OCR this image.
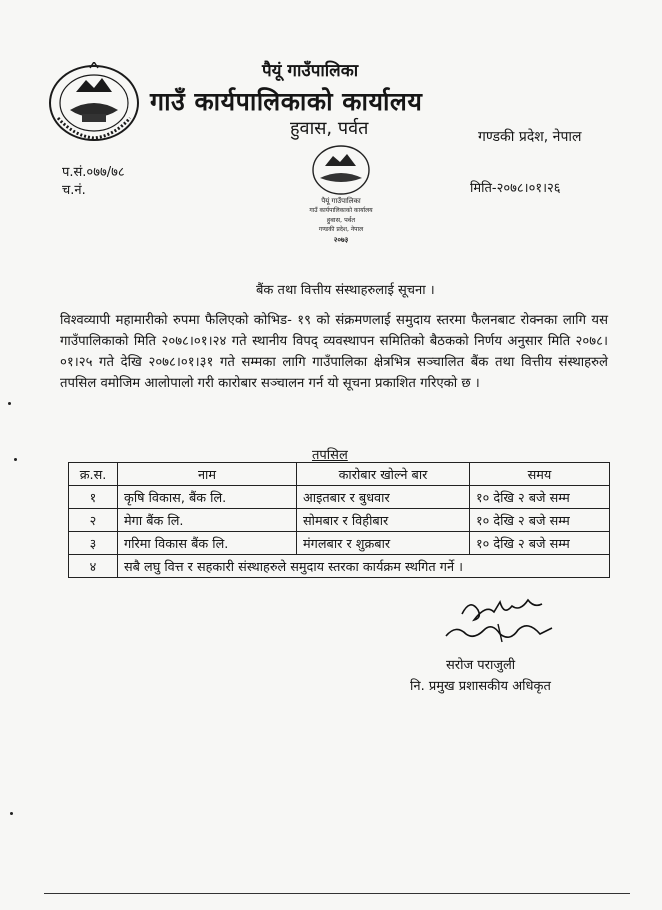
पैयूं गाउँपालिका
गाउँ कार्यपालिकाको कार्यालय
हुवास, पर्वत	गण्डकी प्रदेश, नेपाल
प.सं.०७७/७८
च.नं.	मिति-२०७८।०१।२६
पैयूं गाउँपालिका
गाउँ कार्यपालिकाको कार्यालय
हुवास, पर्वत
गण्डकी प्रदेश, नेपाल
२०७३
बैंक तथा वित्तीय संस्थाहरुलाई सूचना ।
विश्वव्यापी महामारीको रुपमा फैलिएको कोभिड- १९ को संक्रमणलाई समुदाय स्तरमा फैलनबाट रोक्नका लागि यस गाउँपालिकाको मिति २०७८।०१।२४ गते स्थानीय विपद् व्यवस्थापन समितिको बैठकको निर्णय अनुसार मिति २०७८।०१।२५ गते देखि २०७८।०१।३१ गते सम्मका लागि गाउँपालिका क्षेत्रभित्र सञ्चालित बैंक तथा वित्तीय संस्थाहरुले तपसिल वमोजिम आलोपालो गरी कारोबार सञ्चालन गर्न यो सूचना प्रकाशित गरिएको छ ।
तपसिल
क्र.स.	नाम	कारोबार खोल्ने बार	समय
१	कृषि विकास, बैंक लि.	आइतबार र बुधवार	१० देखि २ बजे सम्म
२	मेगा बैंक लि.	सोमबार र विहीबार	१० देखि २ बजे सम्म
३	गरिमा विकास बैंक लि.	मंगलबार र शुक्रबार	१० देखि २ बजे सम्म
४	सबै लघु वित्त र सहकारी संस्थाहरुले समुदाय स्तरका कार्यक्रम स्थगित गर्ने ।		
सरोज पराजुली
नि. प्रमुख प्रशासकीय अधिकृत
